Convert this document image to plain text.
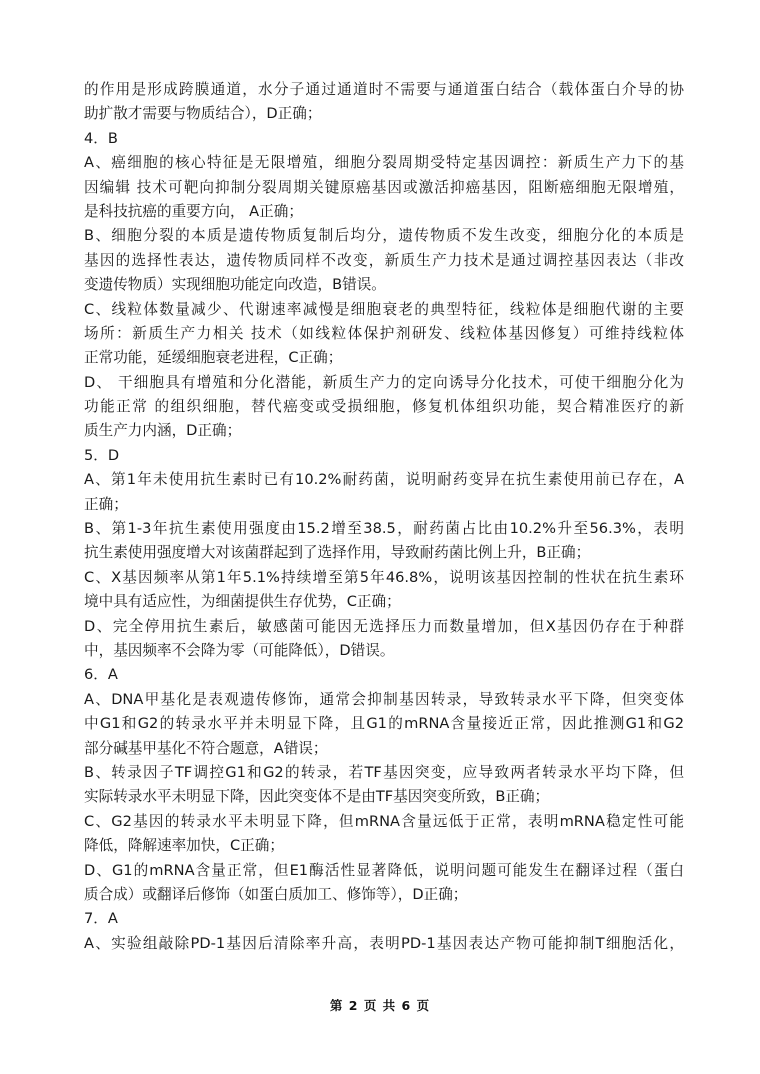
的作用是形成跨膜通道，水分子通过通道时不需要与通道蛋白结合（载体蛋白介导的协
助扩散才需要与物质结合），D正确；
4．B
A、癌细胞的核心特征是无限增殖，细胞分裂周期受特定基因调控：新质生产力下的基
因编辑 技术可靶向抑制分裂周期关键原癌基因或激活抑癌基因，阻断癌细胞无限增殖，
是科技抗癌的重要方向， A正确；
B、细胞分裂的本质是遗传物质复制后均分，遗传物质不发生改变，细胞分化的本质是
基因的选择性表达，遗传物质同样不改变，新质生产力技术是通过调控基因表达（非改
变遗传物质）实现细胞功能定向改造，B错误。
C、线粒体数量减少、代谢速率减慢是细胞衰老的典型特征，线粒体是细胞代谢的主要
场所：新质生产力相关 技术（如线粒体保护剂研发、线粒体基因修复）可维持线粒体
正常功能，延缓细胞衰老进程，C正确；
D、 干细胞具有增殖和分化潜能，新质生产力的定向诱导分化技术，可使干细胞分化为
功能正常 的组织细胞，替代癌变或受损细胞，修复机体组织功能，契合精准医疗的新
质生产力内涵，D正确；
5．D
A、第1年未使用抗生素时已有10.2%耐药菌，说明耐药变异在抗生素使用前已存在，A
正确；
B、第1-3年抗生素使用强度由15.2增至38.5，耐药菌占比由10.2%升至56.3%，表明
抗生素使用强度增大对该菌群起到了选择作用，导致耐药菌比例上升，B正确；
C、X基因频率从第1年5.1%持续增至第5年46.8%，说明该基因控制的性状在抗生素环
境中具有适应性，为细菌提供生存优势，C正确；
D、完全停用抗生素后，敏感菌可能因无选择压力而数量增加，但X基因仍存在于种群
中，基因频率不会降为零（可能降低），D错误。
6．A
A、DNA甲基化是表观遗传修饰，通常会抑制基因转录，导致转录水平下降，但突变体
中G1和G2的转录水平并未明显下降，且G1的mRNA含量接近正常，因此推测G1和G2
部分碱基甲基化不符合题意，A错误；
B、转录因子TF调控G1和G2的转录，若TF基因突变，应导致两者转录水平均下降，但
实际转录水平未明显下降，因此突变体不是由TF基因突变所致，B正确；
C、G2基因的转录水平未明显下降，但mRNA含量远低于正常，表明mRNA稳定性可能
降低，降解速率加快，C正确；
D、G1的mRNA含量正常，但E1酶活性显著降低，说明问题可能发生在翻译过程（蛋白
质合成）或翻译后修饰（如蛋白质加工、修饰等），D正确；
7．A
A、实验组敲除PD-1基因后清除率升高，表明PD-1基因表达产物可能抑制T细胞活化，
第 2 页 共 6 页
